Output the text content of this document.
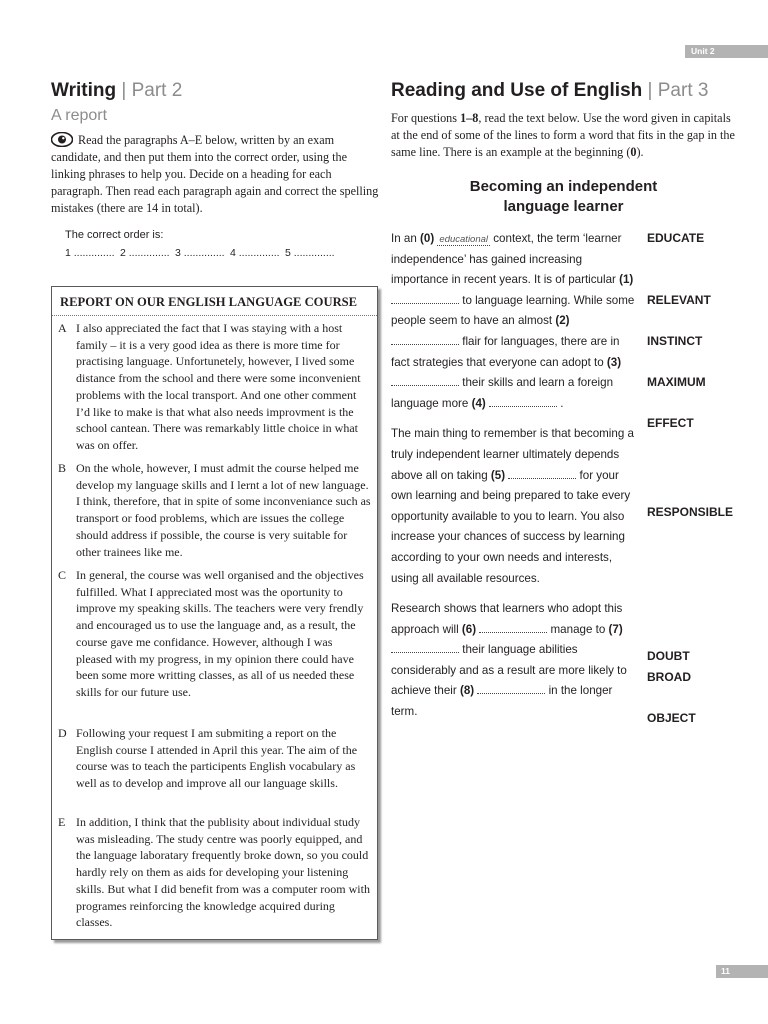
Unit 2
Writing | Part 2
A report

Read the paragraphs A–E below, written by an exam candidate, and then put them into the correct order, using the linking phrases to help you. Decide on a heading for each paragraph. Then read each paragraph again and correct the spelling mistakes (there are 14 in total).

The correct order is:
1 .............. 2 .............. 3 .............. 4 .............. 5 ..............
REPORT ON OUR ENGLISH LANGUAGE COURSE
A I also appreciated the fact that I was staying with a host family – it is a very good idea as there is more time for practising language. Unfortunetely, however, I lived some distance from the school and there were some inconvenient problems with the local transport. And one other comment I’d like to make is that what also needs improvment is the school cantean. There was remarkably little choice in what was on offer.
B On the whole, however, I must admit the course helped me develop my language skills and I lernt a lot of new language. I think, therefore, that in spite of some inconveniance such as transport or food problems, which are issues the college should address if possible, the course is very suitable for other trainees like me.
C In general, the course was well organised and the objectives fulfilled. What I appreciated most was the oportunity to improve my speaking skills. The teachers were very frendly and encouraged us to use the language and, as a result, the course gave me confidance. However, although I was pleased with my progress, in my opinion there could have been some more writting classes, as all of us needed these skills for our future use.
D Following your request I am submiting a report on the English course I attended in April this year. The aim of the course was to teach the participents English vocabulary as well as to develop and improve all our language skills.
E In addition, I think that the publisity about individual study was misleading. The study centre was poorly equipped, and the language laboratary frequently broke down, so you could hardly rely on them as aids for developing your listening skills. But what I did benefit from was a computer room with programes reinforcing the knowledge acquired during classes.
Reading and Use of English | Part 3

For questions 1–8, read the text below. Use the word given in capitals at the end of some of the lines to form a word that fits in the gap in the same line. There is an example at the beginning (0).

Becoming an independent
language learner

In an (0) educational context, the term ‘learner independence’ has gained increasing importance in recent years. It is of particular (1)  to language learning. While some people seem to have an almost (2)  flair for languages, there are in fact strategies that everyone can adopt to (3)  their skills and learn a foreign language more (4)	.

The main thing to remember is that becoming a truly independent learner ultimately depends above all on taking (5)	for your own learning and being prepared to take every opportunity available to you to learn. You also increase your chances of success by learning according to your own needs and interests, using all available resources.

Research shows that learners who adopt this approach will (6)	manage to (7)  their language abilities considerably and as a result are more likely to achieve their (8)	in the longer term.

EDUCATE
RELEVANT
INSTINCT
MAXIMUM
EFFECT
RESPONSIBLE
DOUBT
BROAD
OBJECT
11
